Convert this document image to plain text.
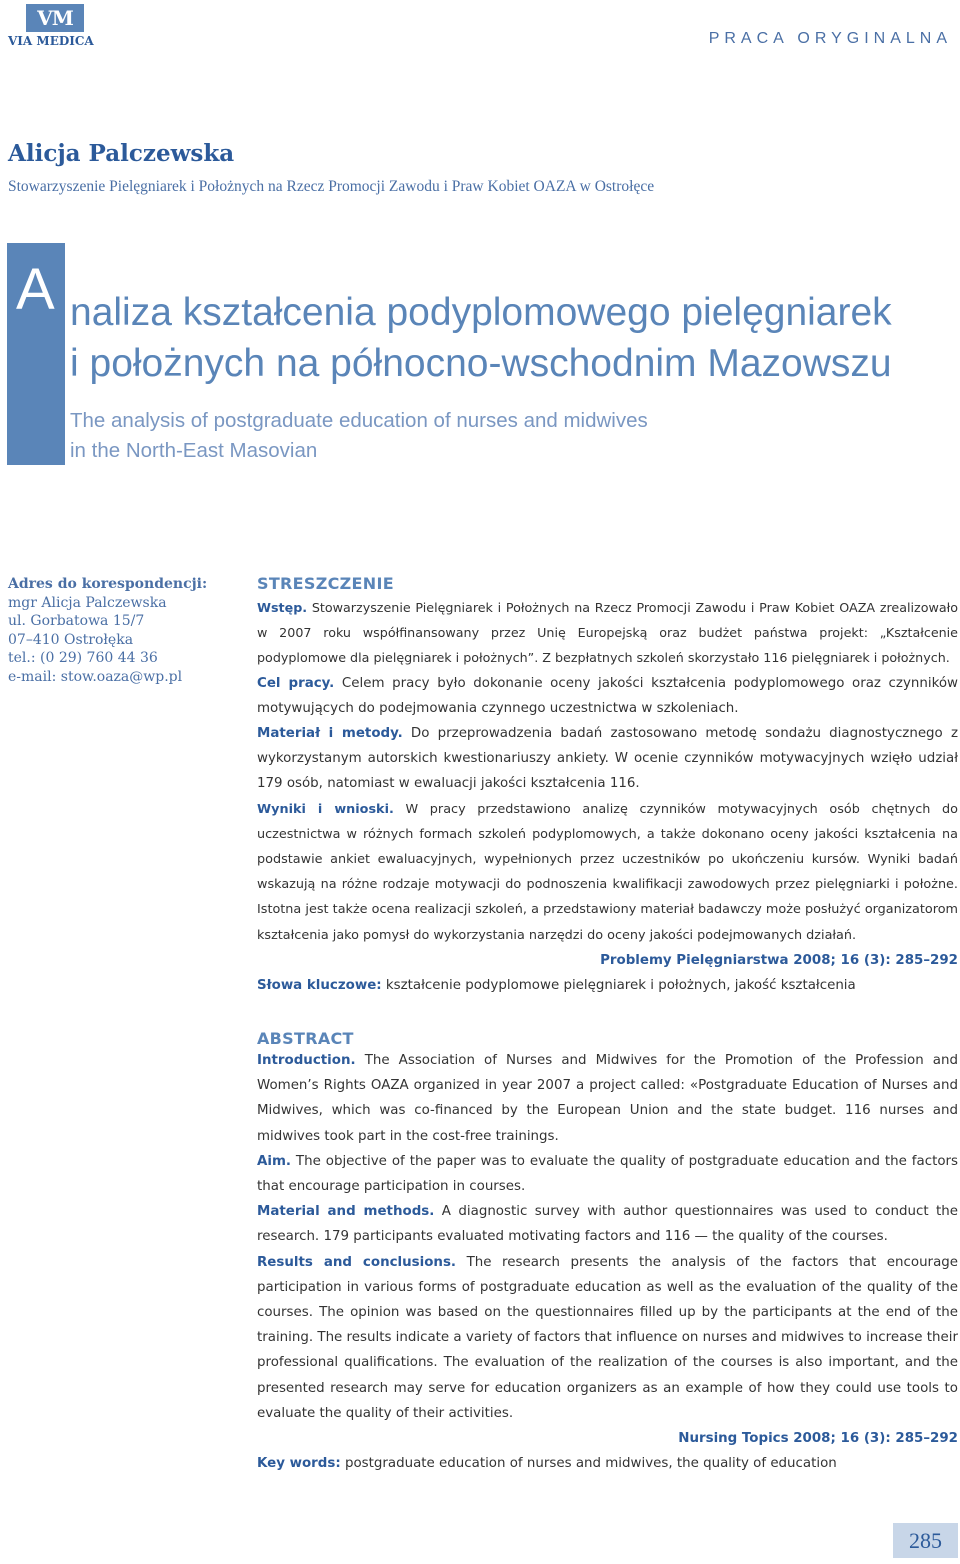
VM
VIA MEDICA	PRACA ORYGINALNA
Alicja Palczewska
Stowarzyszenie Pielęgniarek i Położnych na Rzecz Promocji Zawodu i Praw Kobiet OAZA w Ostrołęce
A naliza kształcenia podyplomowego pielęgniarek
i położnych na północno-wschodnim Mazowszu
The analysis of postgraduate education of nurses and midwives
in the North-East Masovian
Adres do korespondencji:
mgr Alicja Palczewska
ul. Gorbatowa 15/7
07–410 Ostrołęka
tel.: (0 29) 760 44 36
e-mail: stow.oaza@wp.pl
STRESZCZENIE
Wstęp. Stowarzyszenie Pielęgniarek i Położnych na Rzecz Promocji Zawodu i Praw Kobiet OAZA zrealizowało w 2007 roku współfinansowany przez Unię Europejską oraz budżet państwa projekt: „Kształcenie podyplomowe dla pielęgniarek i położnych”. Z bezpłatnych szkoleń skorzystało 116 pielęgniarek i położnych.
Cel pracy. Celem pracy było dokonanie oceny jakości kształcenia podyplomowego oraz czynników motywujących do podejmowania czynnego uczestnictwa w szkoleniach.
Materiał i metody. Do przeprowadzenia badań zastosowano metodę sondażu diagnostycznego z wykorzystanym autorskich kwestionariuszy ankiety. W ocenie czynników motywacyjnych wzięło udział 179 osób, natomiast w ewaluacji jakości kształcenia 116.
Wyniki i wnioski. W pracy przedstawiono analizę czynników motywacyjnych osób chętnych do uczestnictwa w różnych formach szkoleń podyplomowych, a także dokonano oceny jakości kształcenia na podstawie ankiet ewaluacyjnych, wypełnionych przez uczestników po ukończeniu kursów. Wyniki badań wskazują na różne rodzaje motywacji do podnoszenia kwalifikacji zawodowych przez pielęgniarki i położne. Istotna jest także ocena realizacji szkoleń, a przedstawiony materiał badawczy może posłużyć organizatorom kształcenia jako pomysł do wykorzystania narzędzi do oceny jakości podejmowanych działań.
Problemy Pielęgniarstwa 2008; 16 (3): 285–292
Słowa kluczowe: kształcenie podyplomowe pielęgniarek i położnych, jakość kształcenia
ABSTRACT
Introduction. The Association of Nurses and Midwives for the Promotion of the Profession and Women’s Rights OAZA organized in year 2007 a project called: «Postgraduate Education of Nurses and Midwives, which was co-financed by the European Union and the state budget. 116 nurses and midwives took part in the cost-free trainings.
Aim. The objective of the paper was to evaluate the quality of postgraduate education and the factors that encourage participation in courses.
Material and methods. A diagnostic survey with author questionnaires was used to conduct the research. 179 participants evaluated motivating factors and 116 — the quality of the courses.
Results and conclusions. The research presents the analysis of the factors that encourage participation in various forms of postgraduate education as well as the evaluation of the quality of the courses. The opinion was based on the questionnaires filled up by the participants at the end of the training. The results indicate a variety of factors that influence on nurses and midwives to increase their professional qualifications. The evaluation of the realization of the courses is also important, and the presented research may serve for education organizers as an example of how they could use tools to evaluate the quality of their activities.
Nursing Topics 2008; 16 (3): 285–292
Key words: postgraduate education of nurses and midwives, the quality of education
285
